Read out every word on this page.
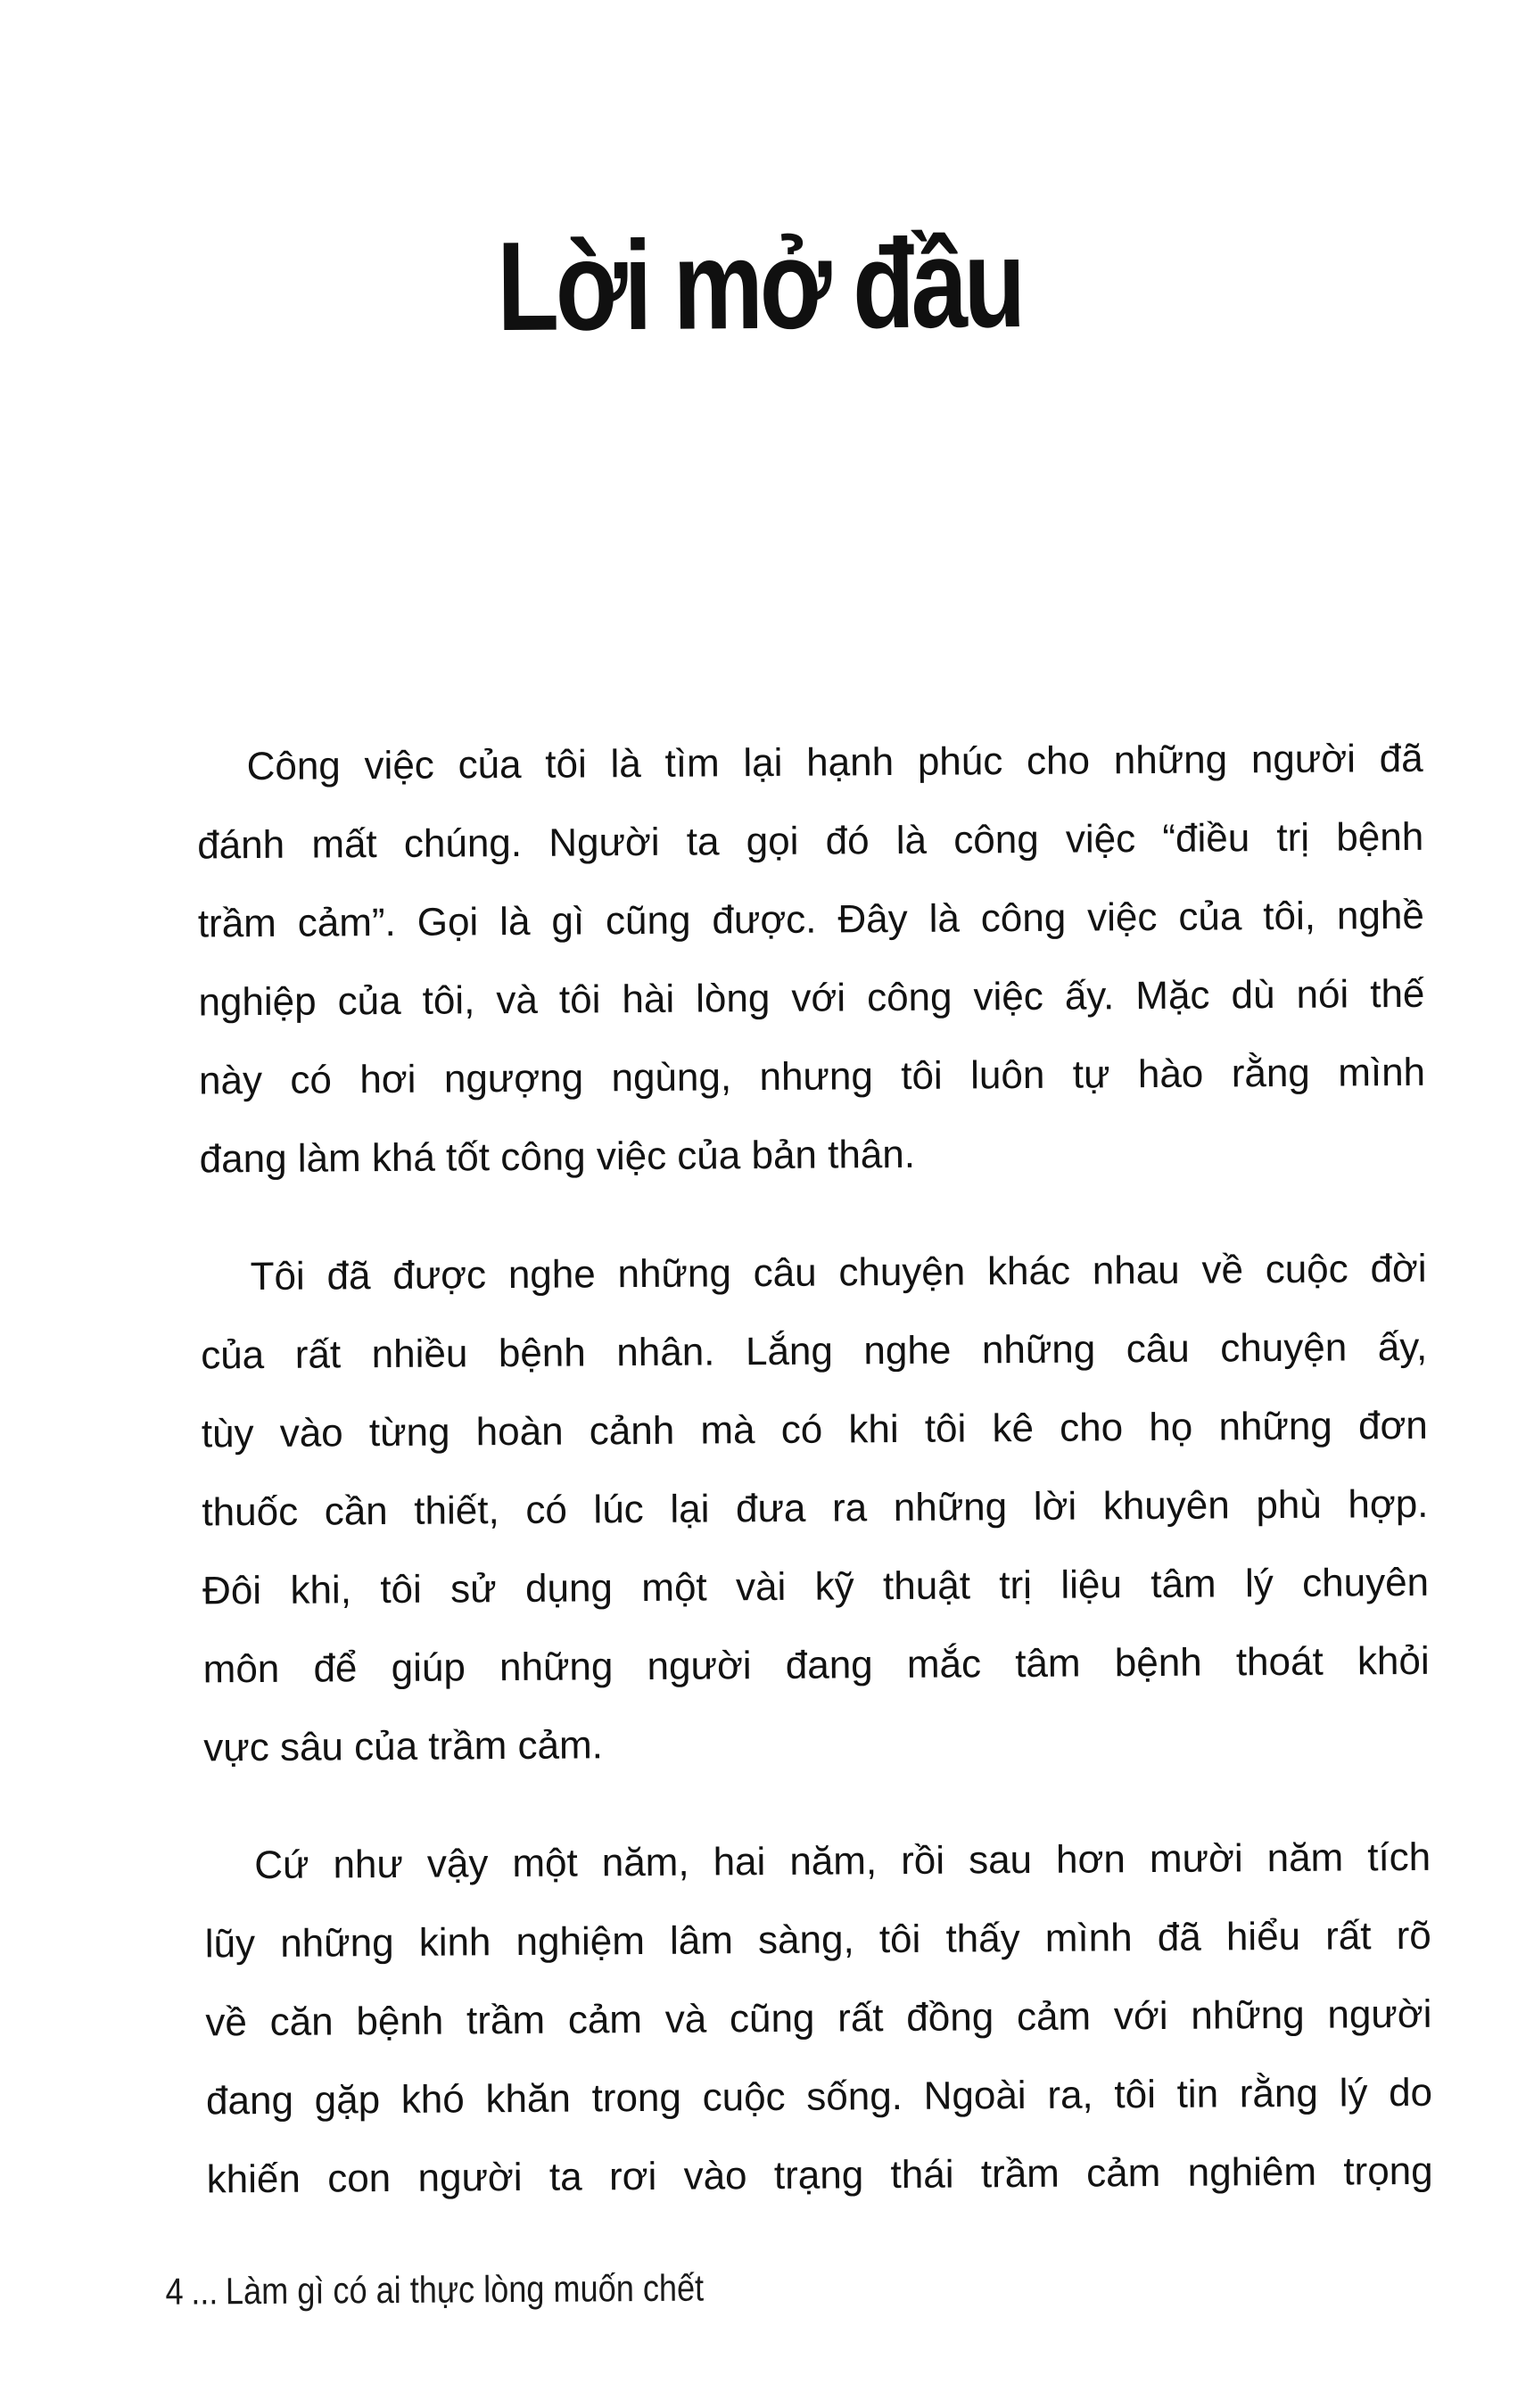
Lời mở đầu
Công việc của tôi là tìm lại hạnh phúc cho những người đã
đánh mất chúng. Người ta gọi đó là công việc “điều trị bệnh
trầm cảm”. Gọi là gì cũng được. Đây là công việc của tôi, nghề
nghiệp của tôi, và tôi hài lòng với công việc ấy. Mặc dù nói thế
này có hơi ngượng ngùng, nhưng tôi luôn tự hào rằng mình
đang làm khá tốt công việc của bản thân.
Tôi đã được nghe những câu chuyện khác nhau về cuộc đời
của rất nhiều bệnh nhân. Lắng nghe những câu chuyện ấy,
tùy vào từng hoàn cảnh mà có khi tôi kê cho họ những đơn
thuốc cần thiết, có lúc lại đưa ra những lời khuyên phù hợp.
Đôi khi, tôi sử dụng một vài kỹ thuật trị liệu tâm lý chuyên
môn để giúp những người đang mắc tâm bệnh thoát khỏi
vực sâu của trầm cảm.
Cứ như vậy một năm, hai năm, rồi sau hơn mười năm tích
lũy những kinh nghiệm lâm sàng, tôi thấy mình đã hiểu rất rõ
về căn bệnh trầm cảm và cũng rất đồng cảm với những người
đang gặp khó khăn trong cuộc sống. Ngoài ra, tôi tin rằng lý do
khiến con người ta rơi vào trạng thái trầm cảm nghiêm trọng
4 ... Làm gì có ai thực lòng muốn chết
